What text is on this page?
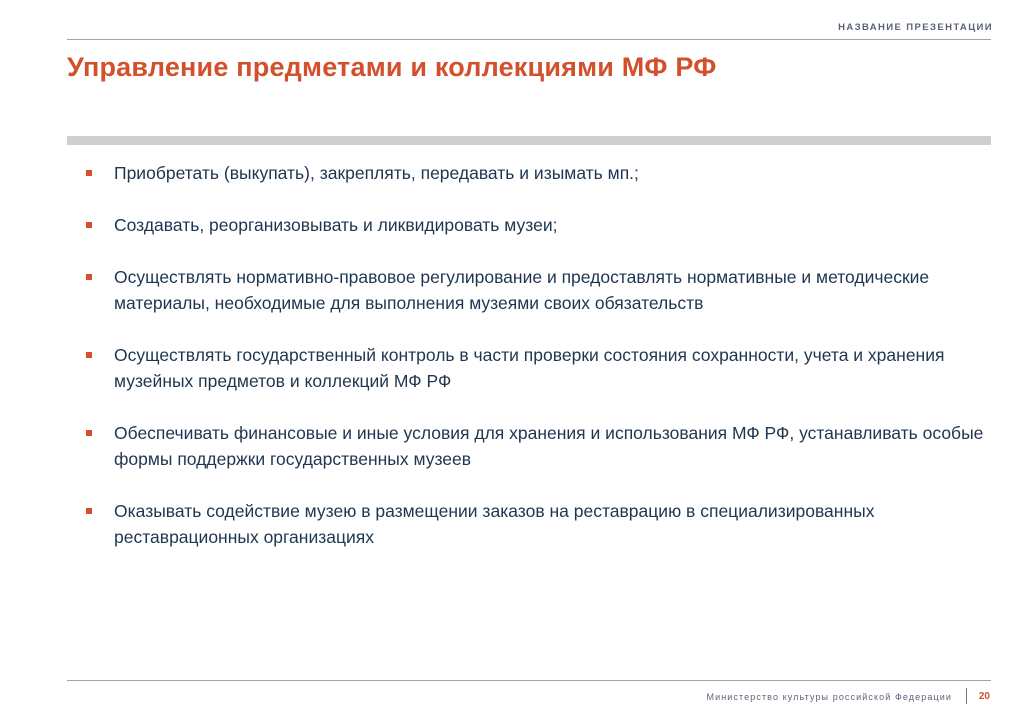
НАЗВАНИЕ ПРЕЗЕНТАЦИИ
Управление предметами и коллекциями МФ РФ
Приобретать (выкупать), закреплять, передавать и изымать мп.;
Создавать, реорганизовывать и ликвидировать музеи;
Осуществлять нормативно-правовое регулирование и предоставлять нормативные и методические материалы, необходимые для выполнения музеями своих обязательств
Осуществлять государственный контроль в части проверки состояния сохранности, учета и хранения музейных предметов и коллекций МФ РФ
Обеспечивать финансовые и иные условия для хранения и использования МФ РФ, устанавливать особые формы поддержки государственных музеев
Оказывать содействие музею в размещении заказов на реставрацию в специализированных реставрационных организациях
Министерство культуры российской Федерации	20
